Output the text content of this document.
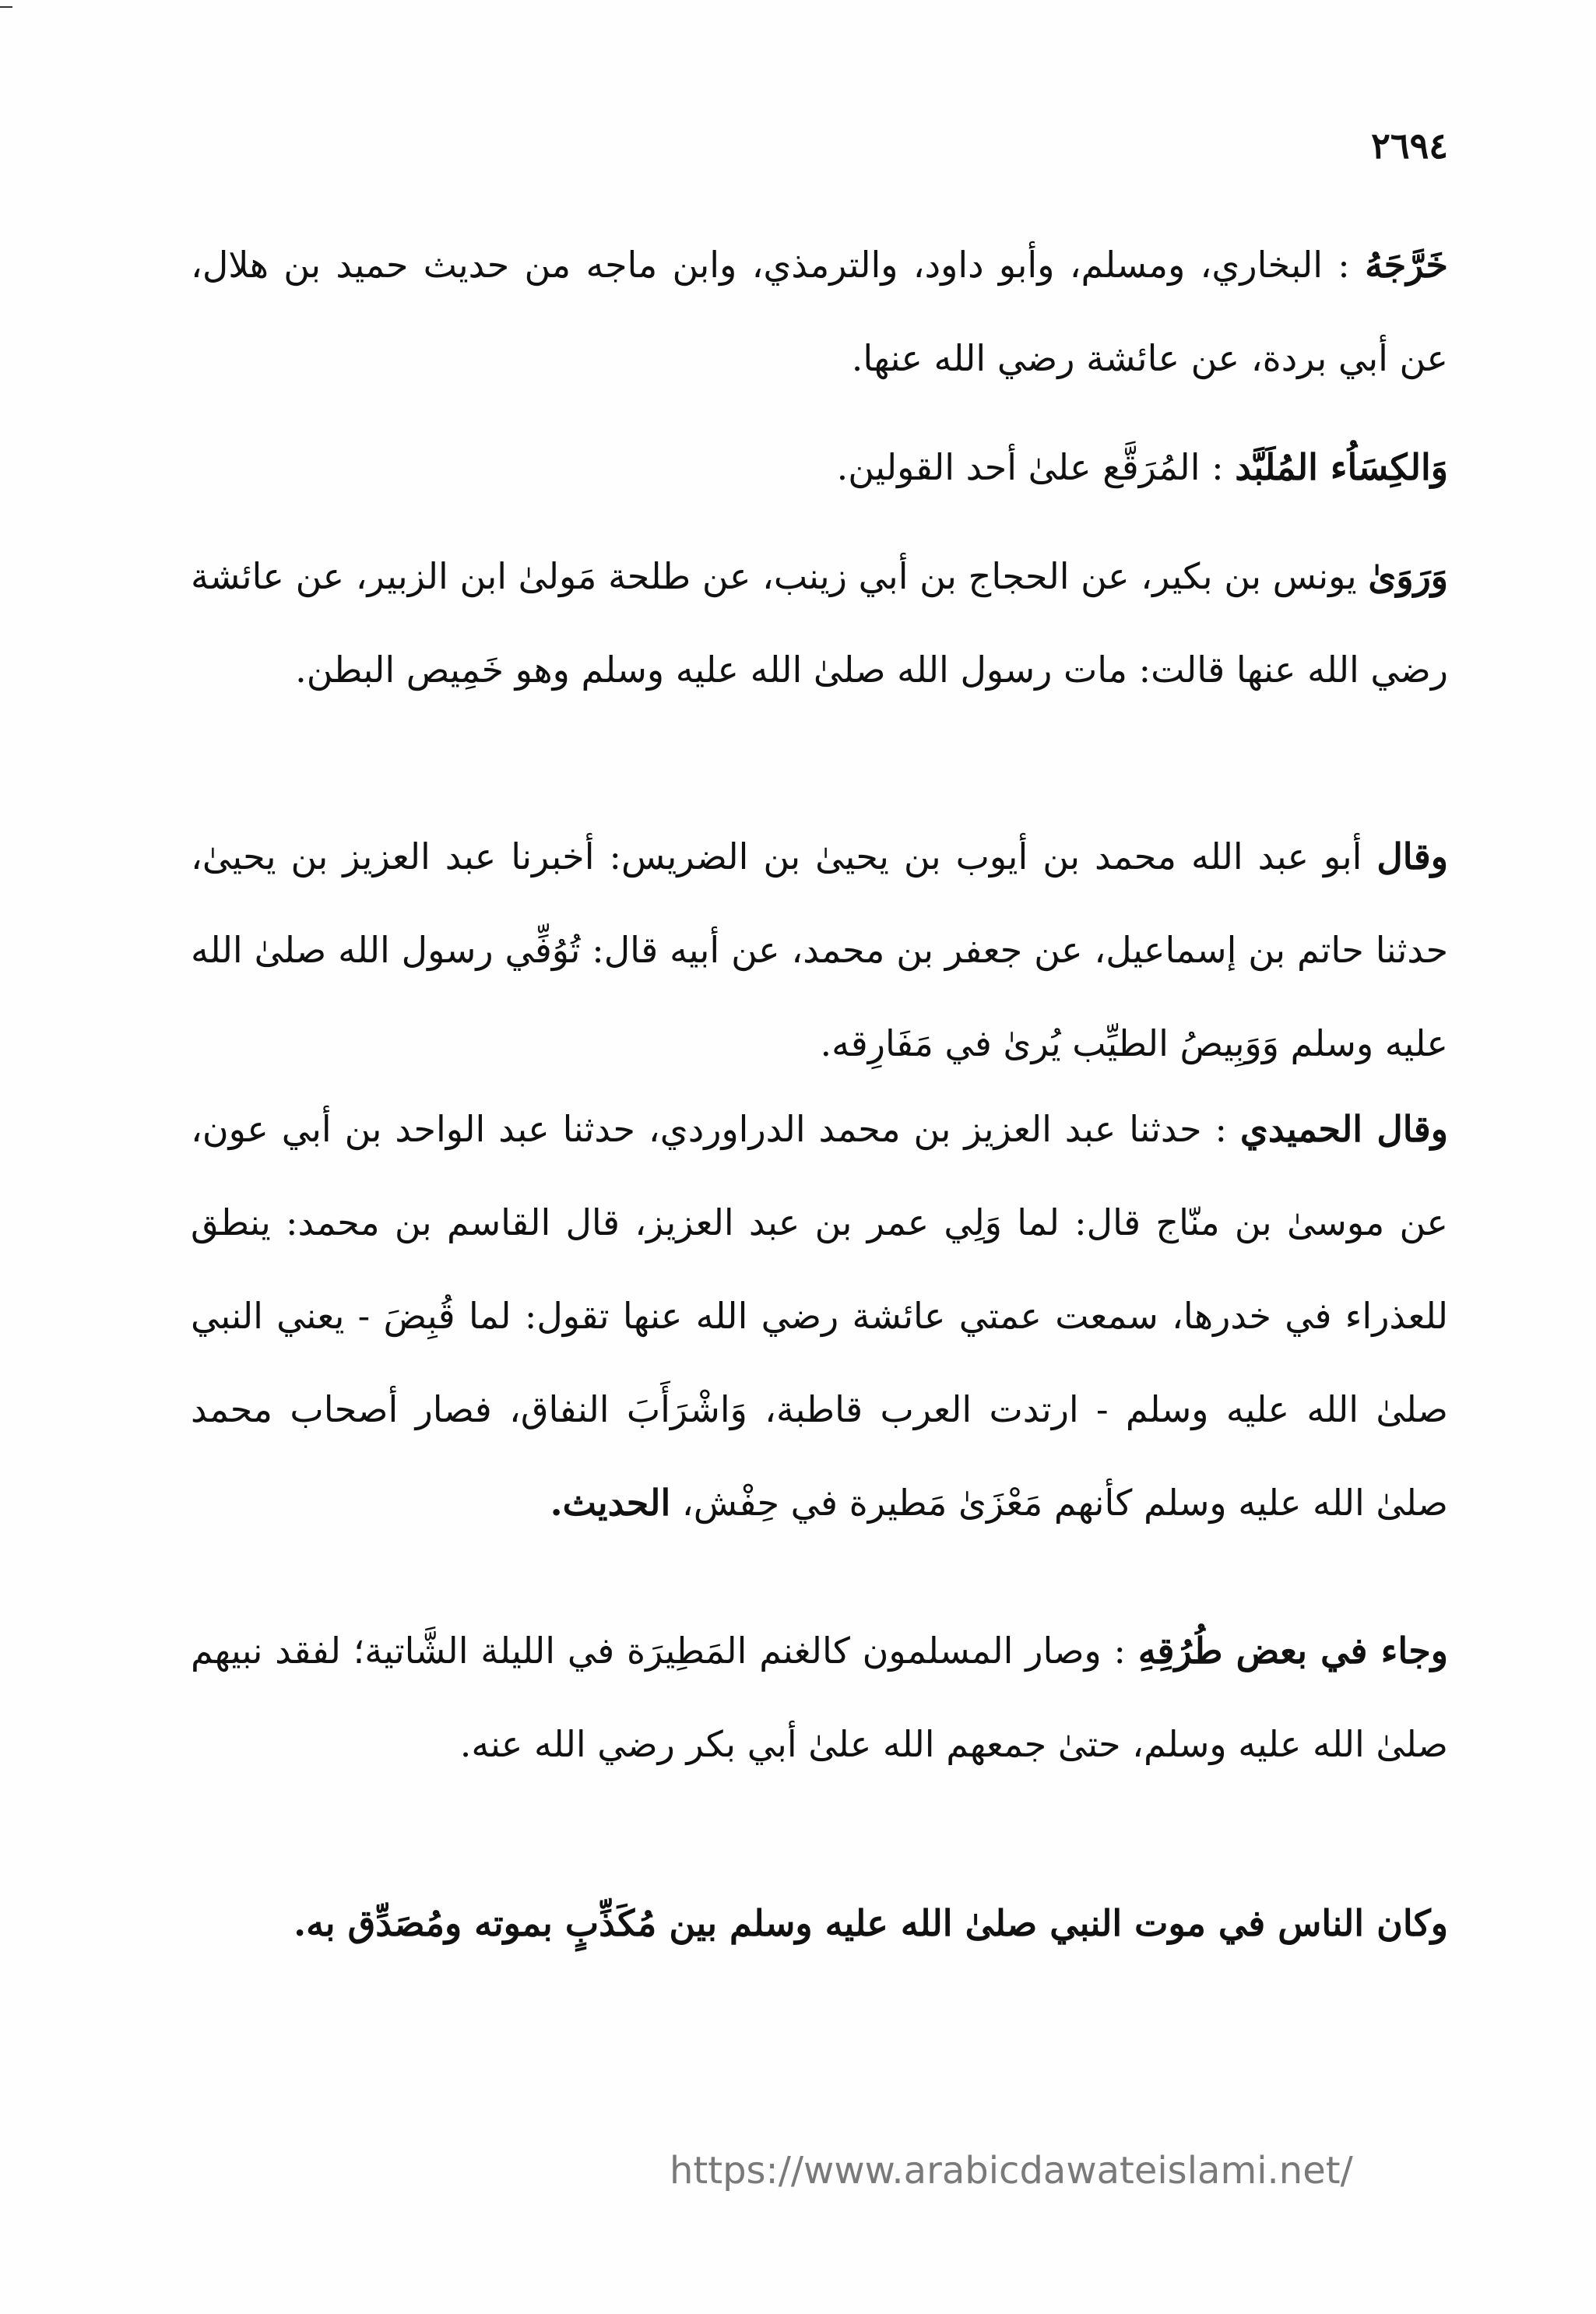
٢٦٩٤

خَرَّجَهُ : البخاري، ومسلم، وأبو داود، والترمذي، وابن ماجه من حديث حميد بن هلال، عن أبي بردة، عن عائشة رضي الله عنها.

وَالكِسَاُء المُلَبَّد : المُرَقَّع علىٰ أحد القولين.

وَرَوَىٰ يونس بن بكير، عن الحجاج بن أبي زينب، عن طلحة مَولىٰ ابن الزبير، عن عائشة رضي الله عنها قالت: مات رسول الله صلىٰ الله عليه وسلم وهو خَمِيص البطن.

وقال أبو عبد الله محمد بن أيوب بن يحيىٰ بن الضريس: أخبرنا عبد العزيز بن يحيىٰ، حدثنا حاتم بن إسماعيل، عن جعفر بن محمد، عن أبيه قال: تُوُفِّي رسول الله صلىٰ الله عليه وسلم وَوَبِيصُ الطيِّب يُرىٰ في مَفَارِقه.

وقال الحميدي : حدثنا عبد العزيز بن محمد الدراوردي، حدثنا عبد الواحد بن أبي عون، عن موسىٰ بن منّاج قال: لما وَلِي عمر بن عبد العزيز، قال القاسم بن محمد: ينطق للعذراء في خدرها، سمعت عمتي عائشة رضي الله عنها تقول: لما قُبِضَ - يعني النبي صلىٰ الله عليه وسلم - ارتدت العرب قاطبة، وَاشْرَأَبَ النفاق، فصار أصحاب محمد صلىٰ الله عليه وسلم كأنهم مَعْزَىٰ مَطيرة في حِفْش، الحديث.

وجاء في بعض طُرُقِهِ : وصار المسلمون كالغنم المَطِيرَة في الليلة الشَّاتية؛ لفقد نبيهم صلىٰ الله عليه وسلم، حتىٰ جمعهم الله علىٰ أبي بكر رضي الله عنه.

وكان الناس في موت النبي صلىٰ الله عليه وسلم بين مُكَذِّبٍ بموته ومُصَدِّق به.

https://www.arabicdawateislami.net/
